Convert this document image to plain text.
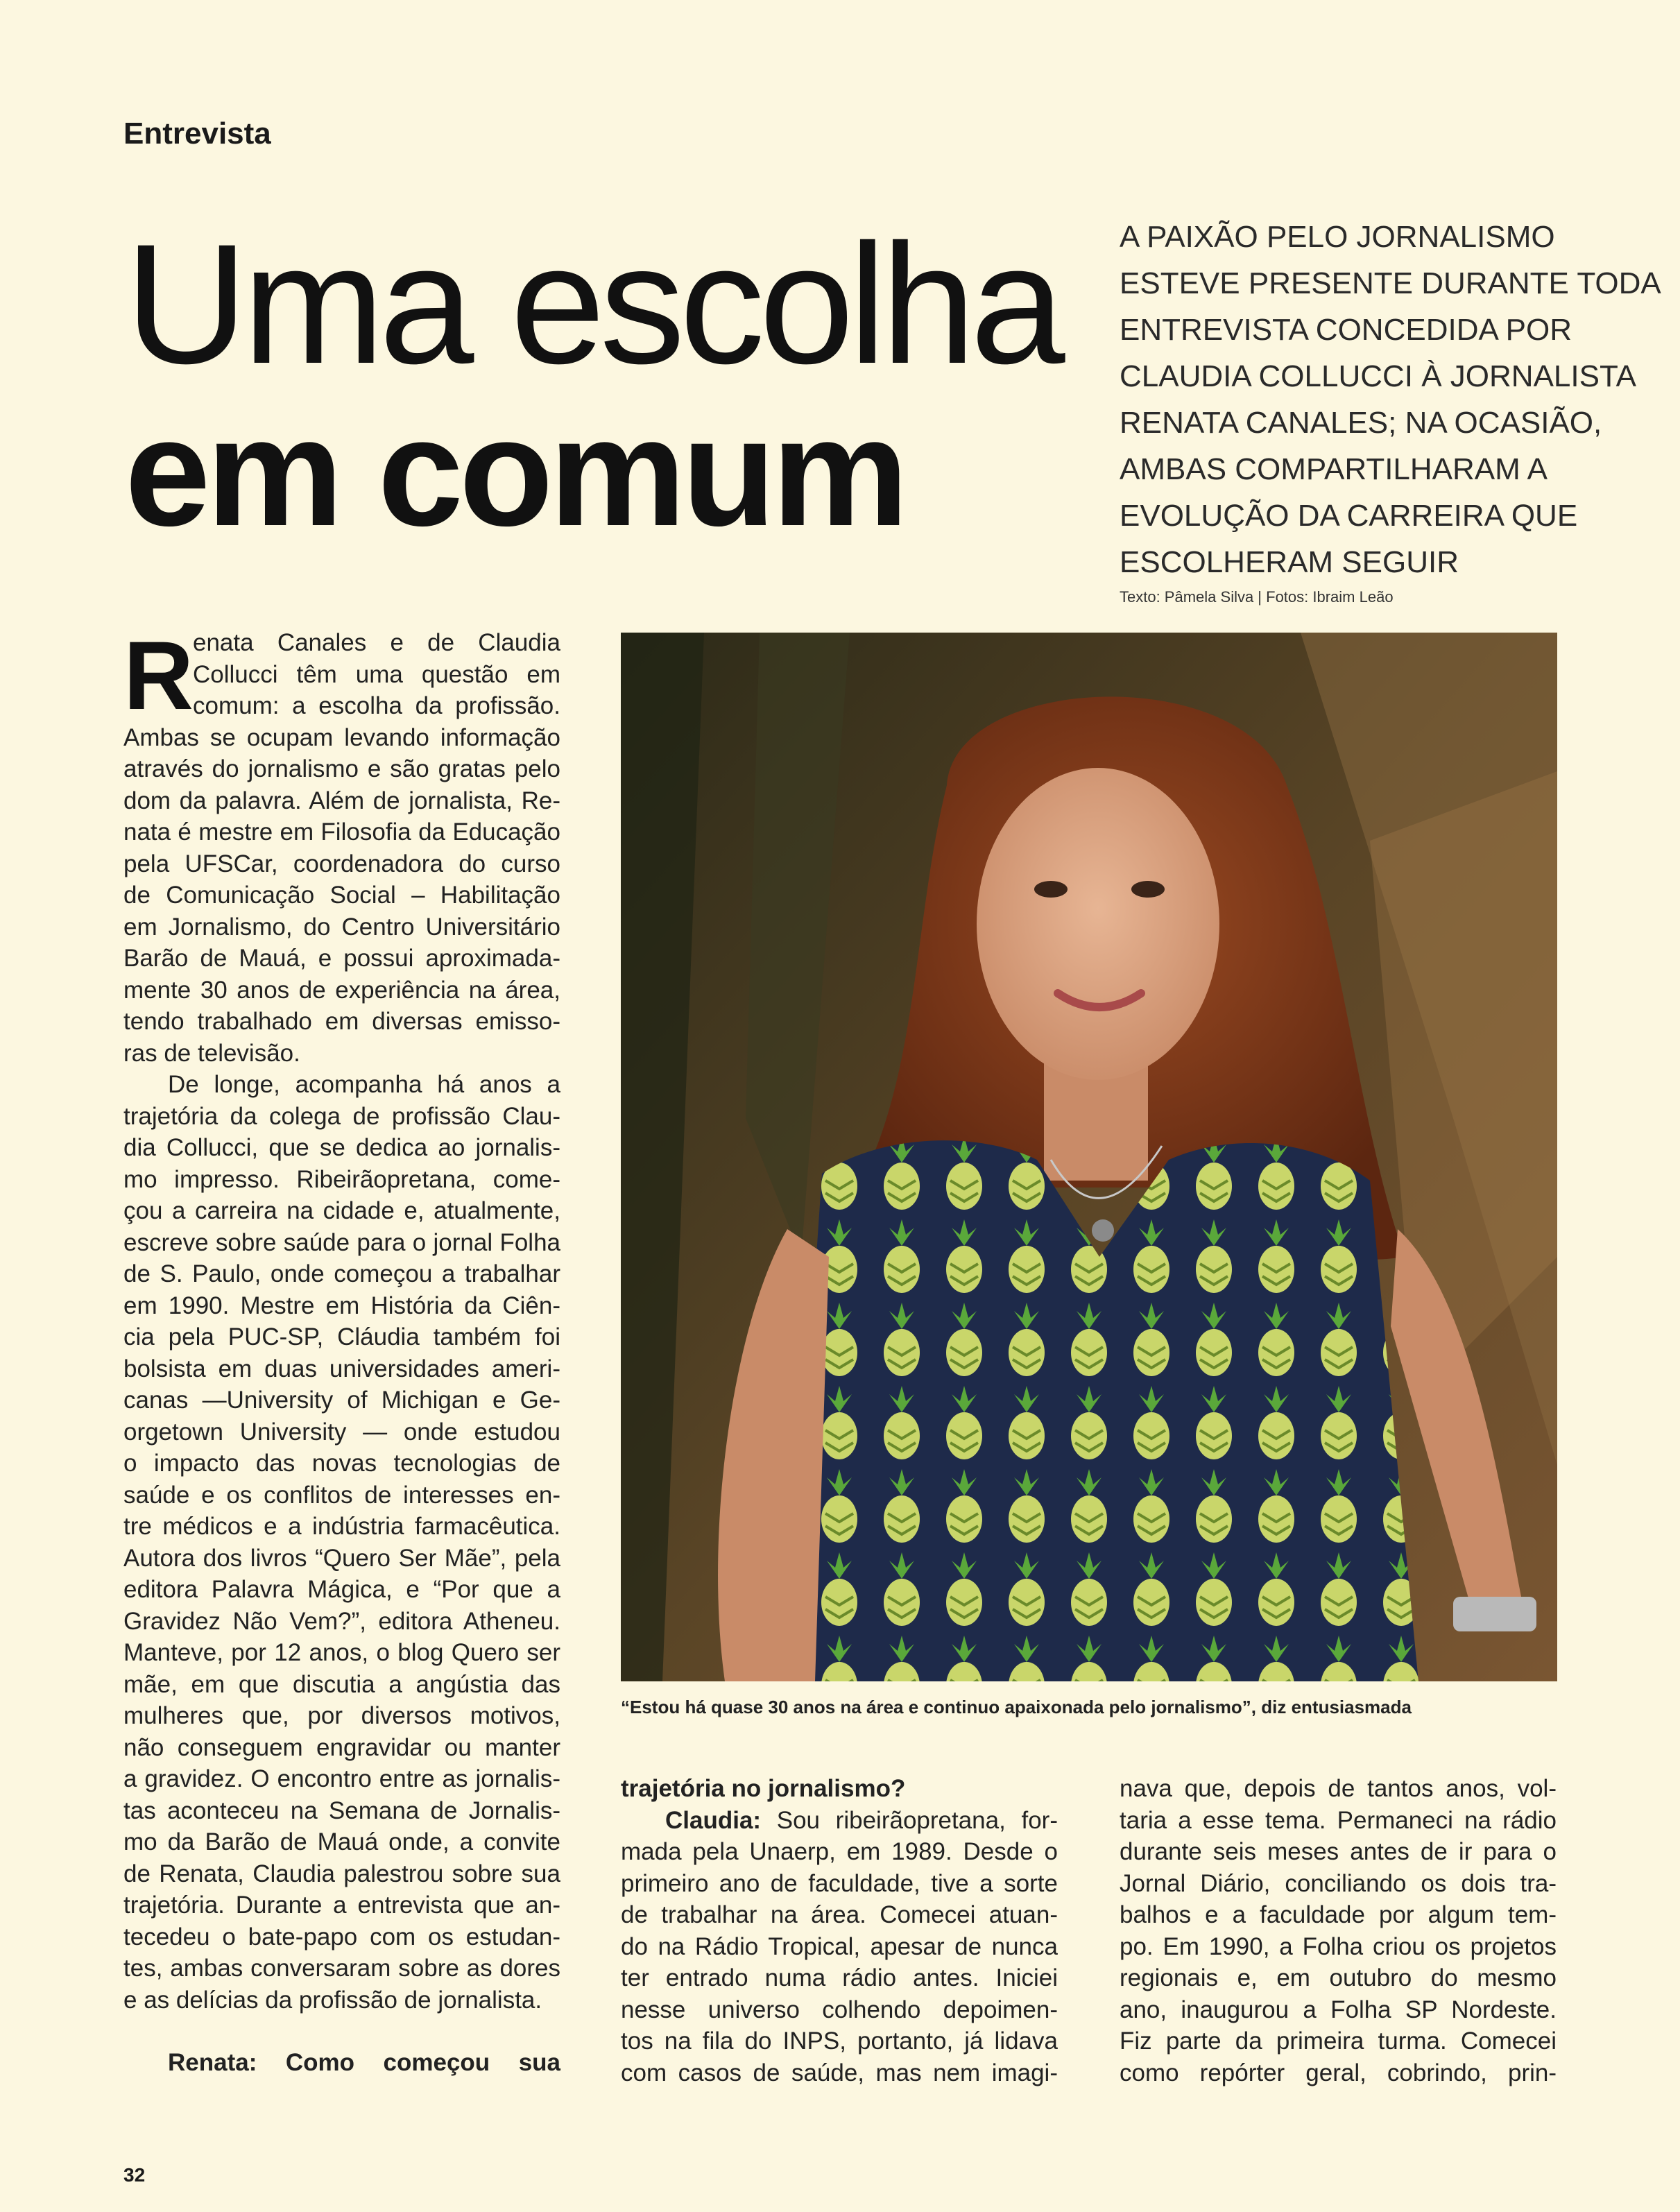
Entrevista
Uma escolha
em comum
A PAIXÃO PELO JORNALISMO
ESTEVE PRESENTE DURANTE TODA
ENTREVISTA CONCEDIDA POR
CLAUDIA COLLUCCI À JORNALISTA
RENATA CANALES; NA OCASIÃO,
AMBAS COMPARTILHARAM A
EVOLUÇÃO DA CARREIRA QUE
ESCOLHERAM SEGUIR
Texto: Pâmela Silva | Fotos: Ibraim Leão
“Estou há quase 30 anos na área e continuo apaixonada pelo jornalismo”, diz entusiasmada
R
enata Canales e de Claudia
Collucci têm uma questão em
comum: a escolha da profissão.
Ambas se ocupam levando informação
através do jornalismo e são gratas pelo
dom da palavra. Além de jornalista, Re-
nata é mestre em Filosofia da Educação
pela UFSCar, coordenadora do curso
de Comunicação Social – Habilitação
em Jornalismo, do Centro Universitário
Barão de Mauá, e possui aproximada-
mente 30 anos de experiência na área,
tendo trabalhado em diversas emisso-
ras de televisão.
De longe, acompanha há anos a
trajetória da colega de profissão Clau-
dia Collucci, que se dedica ao jornalis-
mo impresso. Ribeirãopretana, come-
çou a carreira na cidade e, atualmente,
escreve sobre saúde para o jornal Folha
de S. Paulo, onde começou a trabalhar
em 1990. Mestre em História da Ciên-
cia pela PUC-SP, Cláudia também foi
bolsista em duas universidades ameri-
canas —University of Michigan e Ge-
orgetown University — onde estudou
o impacto das novas tecnologias de
saúde e os conflitos de interesses en-
tre médicos e a indústria farmacêutica.
Autora dos livros “Quero Ser Mãe”, pela
editora Palavra Mágica, e “Por que a
Gravidez Não Vem?”, editora Atheneu.
Manteve, por 12 anos, o blog Quero ser
mãe, em que discutia a angústia das
mulheres que, por diversos motivos,
não conseguem engravidar ou manter
a gravidez. O encontro entre as jornalis-
tas aconteceu na Semana de Jornalis-
mo da Barão de Mauá onde, a convite
de Renata, Claudia palestrou sobre sua
trajetória. Durante a entrevista que an-
tecedeu o bate-papo com os estudan-
tes, ambas conversaram sobre as dores
e as delícias da profissão de jornalista.
Renata: Como começou sua
trajetória no jornalismo?
Claudia: Sou ribeirãopretana, for-
mada pela Unaerp, em 1989. Desde o
primeiro ano de faculdade, tive a sorte
de trabalhar na área. Comecei atuan-
do na Rádio Tropical, apesar de nunca
ter entrado numa rádio antes. Iniciei
nesse universo colhendo depoimen-
tos na fila do INPS, portanto, já lidava
com casos de saúde, mas nem imagi-
nava que, depois de tantos anos, vol-
taria a esse tema. Permaneci na rádio
durante seis meses antes de ir para o
Jornal Diário, conciliando os dois tra-
balhos e a faculdade por algum tem-
po. Em 1990, a Folha criou os projetos
regionais e, em outubro do mesmo
ano, inaugurou a Folha SP Nordeste.
Fiz parte da primeira turma. Comecei
como repórter geral, cobrindo, prin-
32
